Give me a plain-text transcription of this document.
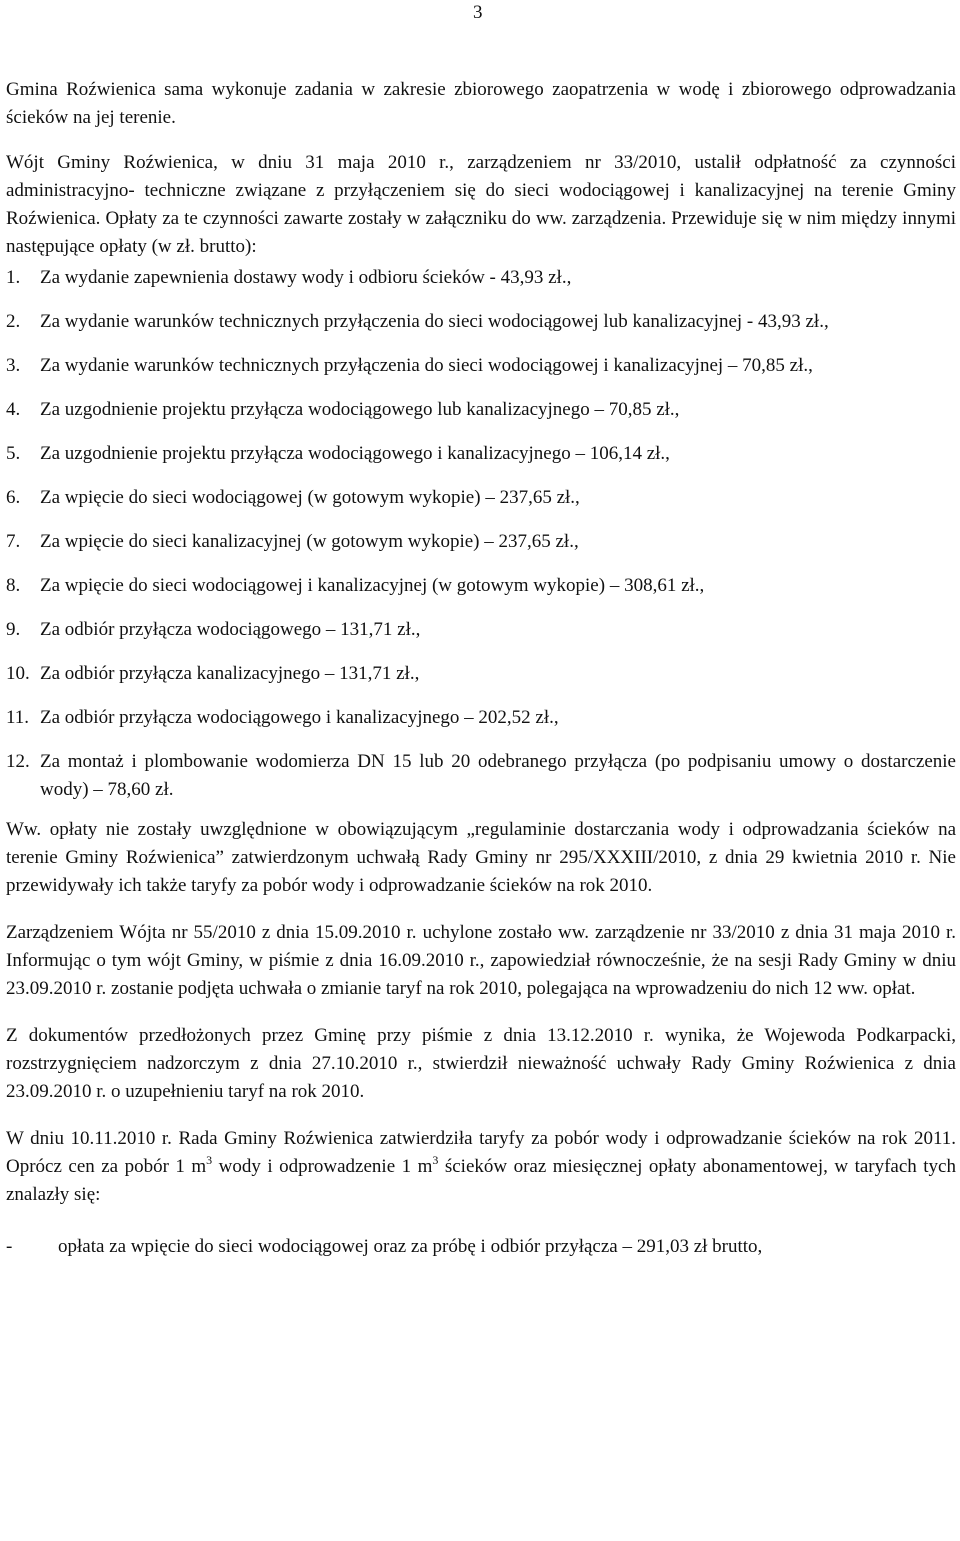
3

Gmina Roźwienica sama wykonuje zadania w zakresie zbiorowego zaopatrzenia w wodę i zbiorowego odprowadzania ścieków na jej terenie.

Wójt Gminy Roźwienica, w dniu 31 maja 2010 r., zarządzeniem nr 33/2010, ustalił odpłatność za czynności administracyjno- techniczne związane z przyłączeniem się do sieci wodociągowej i kanalizacyjnej na terenie Gminy Roźwienica. Opłaty za te czynności zawarte zostały w załączniku do ww. zarządzenia. Przewiduje się w nim między innymi następujące opłaty (w zł. brutto):

1. Za wydanie zapewnienia dostawy wody i odbioru ścieków - 43,93 zł.,
2. Za wydanie warunków technicznych przyłączenia do sieci wodociągowej lub kanalizacyjnej - 43,93 zł.,
3. Za wydanie warunków technicznych przyłączenia do sieci wodociągowej i kanalizacyjnej – 70,85 zł.,
4. Za uzgodnienie projektu przyłącza wodociągowego lub kanalizacyjnego – 70,85 zł.,
5. Za uzgodnienie projektu przyłącza wodociągowego i kanalizacyjnego – 106,14 zł.,
6. Za wpięcie do sieci wodociągowej (w gotowym wykopie) – 237,65 zł.,
7. Za wpięcie do sieci kanalizacyjnej (w gotowym wykopie) – 237,65 zł.,
8. Za wpięcie do sieci wodociągowej i kanalizacyjnej (w gotowym wykopie) – 308,61 zł.,
9. Za odbiór przyłącza wodociągowego – 131,71 zł.,
10. Za odbiór przyłącza kanalizacyjnego – 131,71 zł.,
11. Za odbiór przyłącza wodociągowego i kanalizacyjnego – 202,52 zł.,
12. Za montaż i plombowanie wodomierza DN 15 lub 20 odebranego przyłącza (po podpisaniu umowy o dostarczenie wody) – 78,60 zł.

Ww. opłaty nie zostały uwzględnione w obowiązującym „regulaminie dostarczania wody i odprowadzania ścieków na terenie Gminy Roźwienica” zatwierdzonym uchwałą Rady Gminy nr 295/XXXIII/2010, z dnia 29 kwietnia 2010 r. Nie przewidywały ich także taryfy za pobór wody i odprowadzanie ścieków na rok 2010.

Zarządzeniem Wójta nr 55/2010 z dnia 15.09.2010 r. uchylone zostało ww. zarządzenie nr 33/2010 z dnia 31 maja 2010 r. Informując o tym wójt Gminy, w piśmie z dnia 16.09.2010 r., zapowiedział równocześnie, że na sesji Rady Gminy w dniu 23.09.2010 r. zostanie podjęta uchwała o zmianie taryf na rok 2010, polegająca na wprowadzeniu do nich 12 ww. opłat.

Z dokumentów przedłożonych przez Gminę przy piśmie z dnia 13.12.2010 r. wynika, że Wojewoda Podkarpacki, rozstrzygnięciem nadzorczym z dnia 27.10.2010 r., stwierdził nieważność uchwały Rady Gminy Roźwienica z dnia 23.09.2010 r. o uzupełnieniu taryf na rok 2010.

W dniu 10.11.2010 r. Rada Gminy Roźwienica zatwierdziła taryfy za pobór wody i odprowadzanie ścieków na rok 2011. Oprócz cen za pobór 1 $m^3$ wody i odprowadzenie 1 $m^3$ ścieków oraz miesięcznej opłaty abonamentowej, w taryfach tych znalazły się:

- opłata za wpięcie do sieci wodociągowej oraz za próbę i odbiór przyłącza – 291,03 zł brutto,
